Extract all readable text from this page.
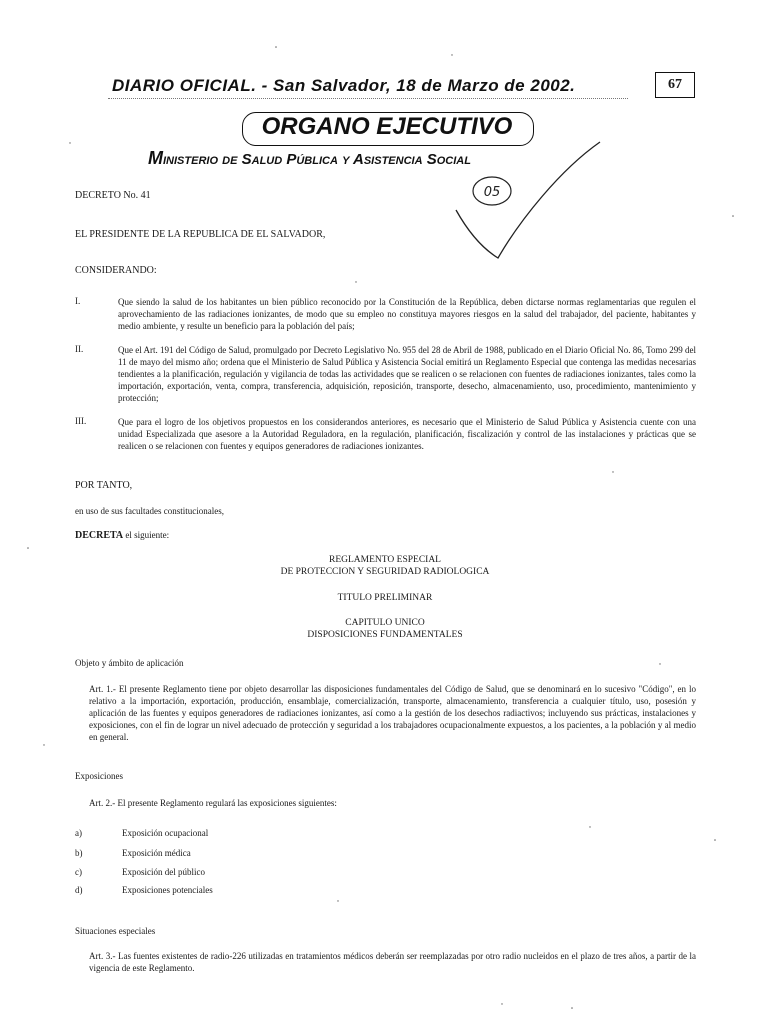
DIARIO OFICIAL. - San Salvador, 18 de Marzo de 2002.	67
ORGANO EJECUTIVO
Ministerio de Salud Pública y Asistencia Social
05
DECRETO No. 41
EL PRESIDENTE DE LA REPUBLICA DE EL SALVADOR,
CONSIDERANDO:
I.	Que siendo la salud de los habitantes un bien público reconocido por la Constitución de la República, deben dictarse normas reglamentarias que regulen el aprovechamiento de las radiaciones ionizantes, de modo que su empleo no constituya mayores riesgos en la salud del trabajador, del paciente, habitantes y medio ambiente, y resulte un beneficio para la población del país;
II.	Que el Art. 191 del Código de Salud, promulgado por Decreto Legislativo No. 955 del 28 de Abril de 1988, publicado en el Diario Oficial No. 86, Tomo 299 del 11 de mayo del mismo año; ordena que el Ministerio de Salud Pública y Asistencia Social emitirá un Reglamento Especial que contenga las medidas necesarias tendientes a la planificación, regulación y vigilancia de todas las actividades que se realicen o se relacionen con fuentes de radiaciones ionizantes, tales como la importación, exportación, venta, compra, transferencia, adquisición, reposición, transporte, desecho, almacenamiento, uso, procedimiento, mantenimiento y protección;
III.	Que para el logro de los objetivos propuestos en los considerandos anteriores, es necesario que el Ministerio de Salud Pública y Asistencia cuente con una unidad Especializada que asesore a la Autoridad Reguladora, en la regulación, planificación, fiscalización y control de las instalaciones y prácticas que se realicen o se relacionen con fuentes y equipos generadores de radiaciones ionizantes.
POR TANTO,
en uso de sus facultades constitucionales,
DECRETA el siguiente:
REGLAMENTO ESPECIAL
DE PROTECCION Y SEGURIDAD RADIOLOGICA
TITULO PRELIMINAR
CAPITULO UNICO
DISPOSICIONES FUNDAMENTALES
Objeto y ámbito de aplicación
Art. 1.- El presente Reglamento tiene por objeto desarrollar las disposiciones fundamentales del Código de Salud, que se denominará en lo sucesivo "Código", en lo relativo a la importación, exportación, producción, ensamblaje, comercialización, transporte, almacenamiento, transferencia a cualquier título, uso, posesión y aplicación de las fuentes y equipos generadores de radiaciones ionizantes, así como a la gestión de los desechos radiactivos; incluyendo sus prácticas, instalaciones y exposiciones, con el fin de lograr un nivel adecuado de protección y seguridad a los trabajadores ocupacionalmente expuestos, a los pacientes, a la población y al medio en general.
Exposiciones
Art. 2.- El presente Reglamento regulará las exposiciones siguientes:
a)	Exposición ocupacional
b)	Exposición médica
c)	Exposición del público
d)	Exposiciones potenciales
Situaciones especiales
Art. 3.- Las fuentes existentes de radio-226 utilizadas en tratamientos médicos deberán ser reemplazadas por otro radio nucleidos en el plazo de tres años, a partir de la vigencia de este Reglamento.
